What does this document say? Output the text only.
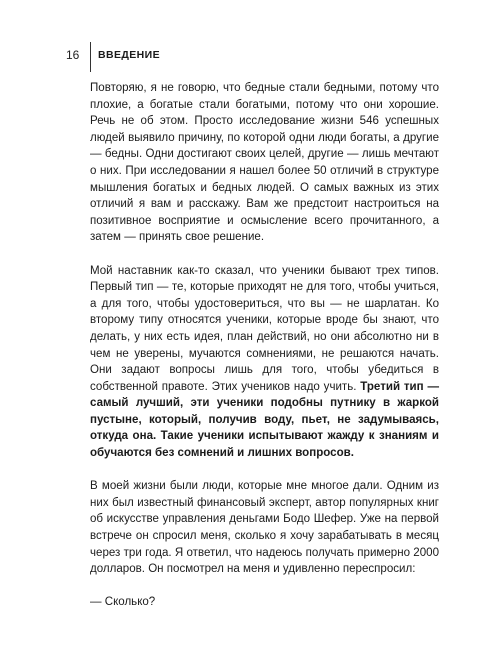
16	ВВЕДЕНИЕ

Повторяю, я не говорю, что бедные стали бедными, потому что плохие, а богатые стали богатыми, потому что они хорошие. Речь не об этом. Просто исследование жизни 546 успешных людей выявило причину, по которой одни люди богаты, а другие — бедны. Одни достигают своих целей, другие — лишь мечтают о них. При исследовании я нашел более 50 отличий в структуре мышления богатых и бедных людей. О самых важных из этих отличий я вам и расскажу. Вам же предстоит настроиться на позитивное восприятие и осмысление всего прочитанного, а затем — принять свое решение.

Мой наставник как-то сказал, что ученики бывают трех типов. Первый тип — те, которые приходят не для того, чтобы учиться, а для того, чтобы удостовериться, что вы — не шарлатан. Ко второму типу относятся ученики, которые вроде бы знают, что делать, у них есть идея, план действий, но они абсолютно ни в чем не уверены, мучаются сомнениями, не решаются начать. Они задают вопросы лишь для того, чтобы убедиться в собственной правоте. Этих учеников надо учить. Третий тип — самый лучший, эти ученики подобны путнику в жаркой пустыне, который, получив воду, пьет, не задумываясь, откуда она. Такие ученики испытывают жажду к знаниям и обучаются без сомнений и лишних вопросов.

В моей жизни были люди, которые мне многое дали. Одним из них был известный финансовый эксперт, автор популярных книг об искусстве управления деньгами Бодо Шефер. Уже на первой встрече он спросил меня, сколько я хочу зарабатывать в месяц через три года. Я ответил, что надеюсь получать примерно 2000 долларов. Он посмотрел на меня и удивленно переспросил:

— Сколько?
